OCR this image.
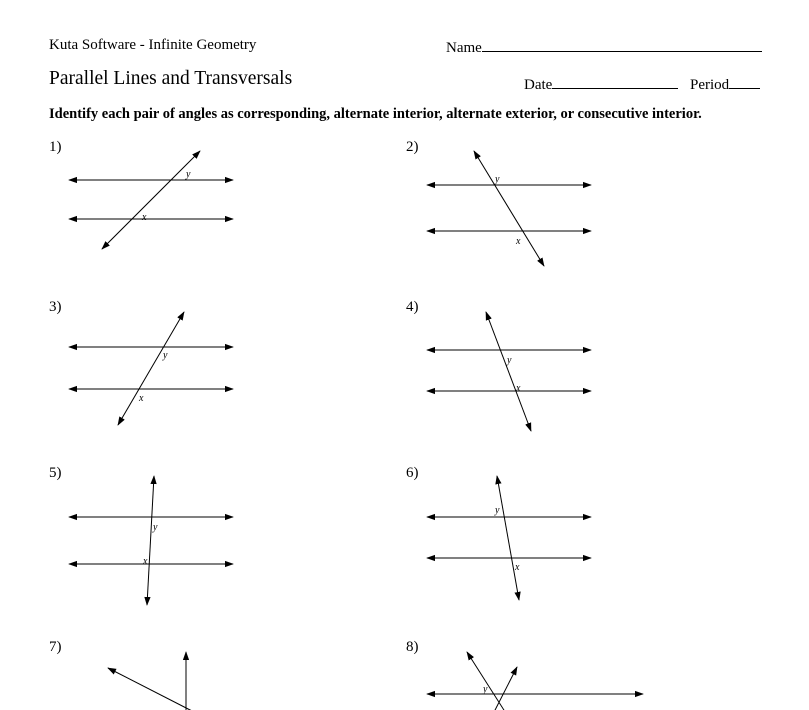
Kuta Software - Infinite Geometry	Name
Parallel Lines and Transversals	Date	Period
Identify each pair of angles as corresponding, alternate interior, alternate exterior, or consecutive interior.
1)	2)
3)	4)
5)	6)
7)	8)
y
x
y
x
y
x
y
x
y
x
y
x
y
